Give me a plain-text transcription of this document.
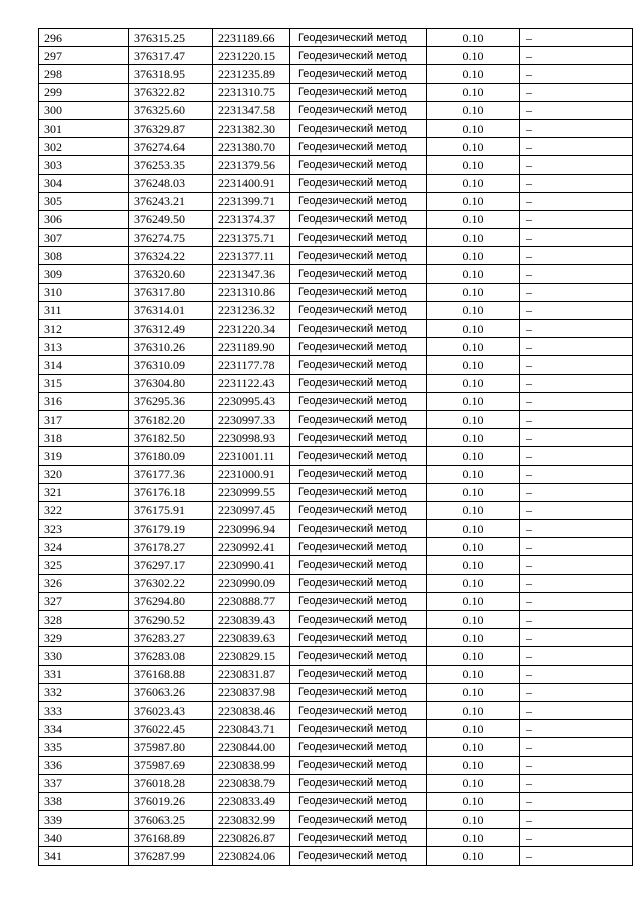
296	376315.25	2231189.66	Геодезический метод	0.10	–
297	376317.47	2231220.15	Геодезический метод	0.10	–
298	376318.95	2231235.89	Геодезический метод	0.10	–
299	376322.82	2231310.75	Геодезический метод	0.10	–
300	376325.60	2231347.58	Геодезический метод	0.10	–
301	376329.87	2231382.30	Геодезический метод	0.10	–
302	376274.64	2231380.70	Геодезический метод	0.10	–
303	376253.35	2231379.56	Геодезический метод	0.10	–
304	376248.03	2231400.91	Геодезический метод	0.10	–
305	376243.21	2231399.71	Геодезический метод	0.10	–
306	376249.50	2231374.37	Геодезический метод	0.10	–
307	376274.75	2231375.71	Геодезический метод	0.10	–
308	376324.22	2231377.11	Геодезический метод	0.10	–
309	376320.60	2231347.36	Геодезический метод	0.10	–
310	376317.80	2231310.86	Геодезический метод	0.10	–
311	376314.01	2231236.32	Геодезический метод	0.10	–
312	376312.49	2231220.34	Геодезический метод	0.10	–
313	376310.26	2231189.90	Геодезический метод	0.10	–
314	376310.09	2231177.78	Геодезический метод	0.10	–
315	376304.80	2231122.43	Геодезический метод	0.10	–
316	376295.36	2230995.43	Геодезический метод	0.10	–
317	376182.20	2230997.33	Геодезический метод	0.10	–
318	376182.50	2230998.93	Геодезический метод	0.10	–
319	376180.09	2231001.11	Геодезический метод	0.10	–
320	376177.36	2231000.91	Геодезический метод	0.10	–
321	376176.18	2230999.55	Геодезический метод	0.10	–
322	376175.91	2230997.45	Геодезический метод	0.10	–
323	376179.19	2230996.94	Геодезический метод	0.10	–
324	376178.27	2230992.41	Геодезический метод	0.10	–
325	376297.17	2230990.41	Геодезический метод	0.10	–
326	376302.22	2230990.09	Геодезический метод	0.10	–
327	376294.80	2230888.77	Геодезический метод	0.10	–
328	376290.52	2230839.43	Геодезический метод	0.10	–
329	376283.27	2230839.63	Геодезический метод	0.10	–
330	376283.08	2230829.15	Геодезический метод	0.10	–
331	376168.88	2230831.87	Геодезический метод	0.10	–
332	376063.26	2230837.98	Геодезический метод	0.10	–
333	376023.43	2230838.46	Геодезический метод	0.10	–
334	376022.45	2230843.71	Геодезический метод	0.10	–
335	375987.80	2230844.00	Геодезический метод	0.10	–
336	375987.69	2230838.99	Геодезический метод	0.10	–
337	376018.28	2230838.79	Геодезический метод	0.10	–
338	376019.26	2230833.49	Геодезический метод	0.10	–
339	376063.25	2230832.99	Геодезический метод	0.10	–
340	376168.89	2230826.87	Геодезический метод	0.10	–
341	376287.99	2230824.06	Геодезический метод	0.10	–
